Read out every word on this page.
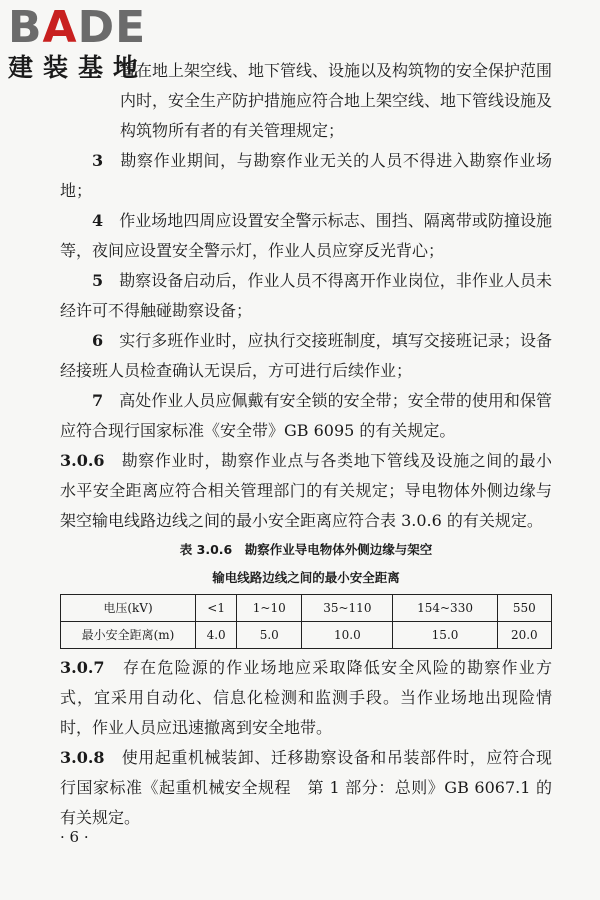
BADE
建装基地

置在地上架空线、地下管线、设施以及构筑物的安全保护范围内时，安全生产防护措施应符合地上架空线、地下管线设施及构筑物所有者的有关管理规定；

3　 勘察作业期间，与勘察作业无关的人员不得进入勘察作业场地；

4　 作业场地四周应设置安全警示标志、围挡、隔离带或防撞设施等，夜间应设置安全警示灯，作业人员应穿反光背心；

5　 勘察设备启动后，作业人员不得离开作业岗位，非作业人员未经许可不得触碰勘察设备；

6　 实行多班作业时，应执行交接班制度，填写交接班记录；设备经接班人员检查确认无误后，方可进行后续作业；

7　 高处作业人员应佩戴有安全锁的安全带；安全带的使用和保管应符合现行国家标准《安全带》GB 6095 的有关规定。

3.0.6　 勘察作业时，勘察作业点与各类地下管线及设施之间的最小水平安全距离应符合相关管理部门的有关规定；导电物体外侧边缘与架空输电线路边线之间的最小安全距离应符合表 3.0.6 的有关规定。

表 3.0.6　勘察作业导电物体外侧边缘与架空

输电线路边线之间的最小安全距离

电压(kV)	<1	1~10	35~110	154~330	550
最小安全距离(m)	4.0	5.0	10.0	15.0	20.0

3.0.7　 存在危险源的作业场地应采取降低安全风险的勘察作业方式，宜采用自动化、信息化检测和监测手段。当作业场地出现险情时，作业人员应迅速撤离到安全地带。

3.0.8　 使用起重机械装卸、迁移勘察设备和吊装部件时，应符合现行国家标准《起重机械安全规程　第 1 部分：总则》GB 6067.1 的有关规定。

· 6 ·
